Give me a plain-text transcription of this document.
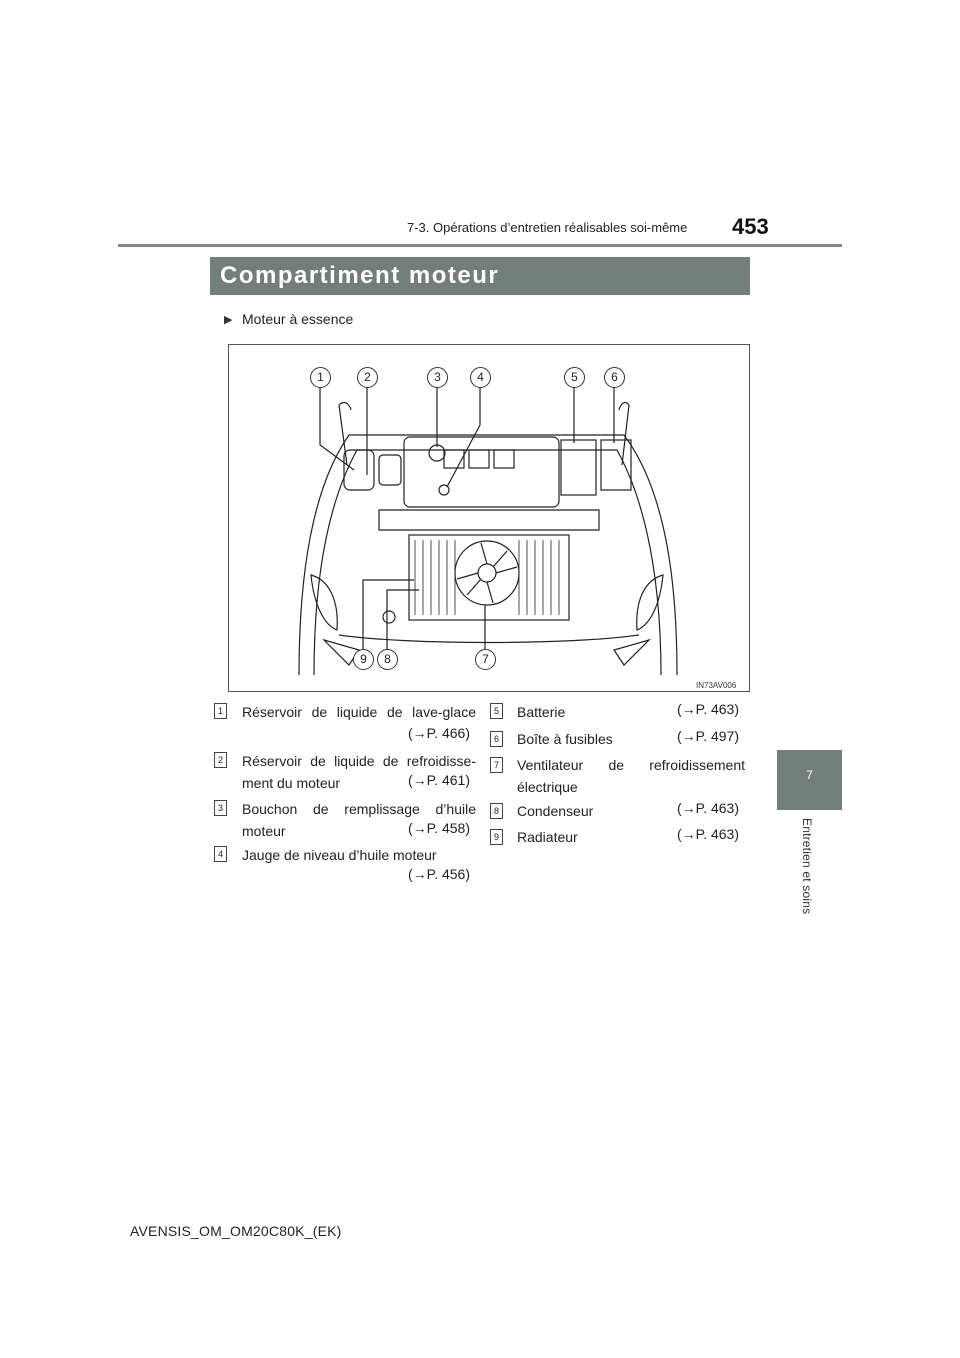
7-3. Opérations d’entretien réalisables soi-même	453
7
Entretien et soins
Compartiment moteur
▶ Moteur à essence
1	2	3	4	5	6
9	8	7
IN73AV006
1 Réservoir de liquide de lave-glace
(→P. 466)
2 Réservoir de liquide de refroidisse-
ment du moteur	(→P. 461)
3 Bouchon de remplissage d’huile
moteur	(→P. 458)
4 Jauge de niveau d’huile moteur
(→P. 456)
5 Batterie	(→P. 463)
6 Boîte à fusibles	(→P. 497)
7 Ventilateur de refroidissement
électrique
8 Condenseur	(→P. 463)
9 Radiateur	(→P. 463)
AVENSIS_OM_OM20C80K_(EK)
